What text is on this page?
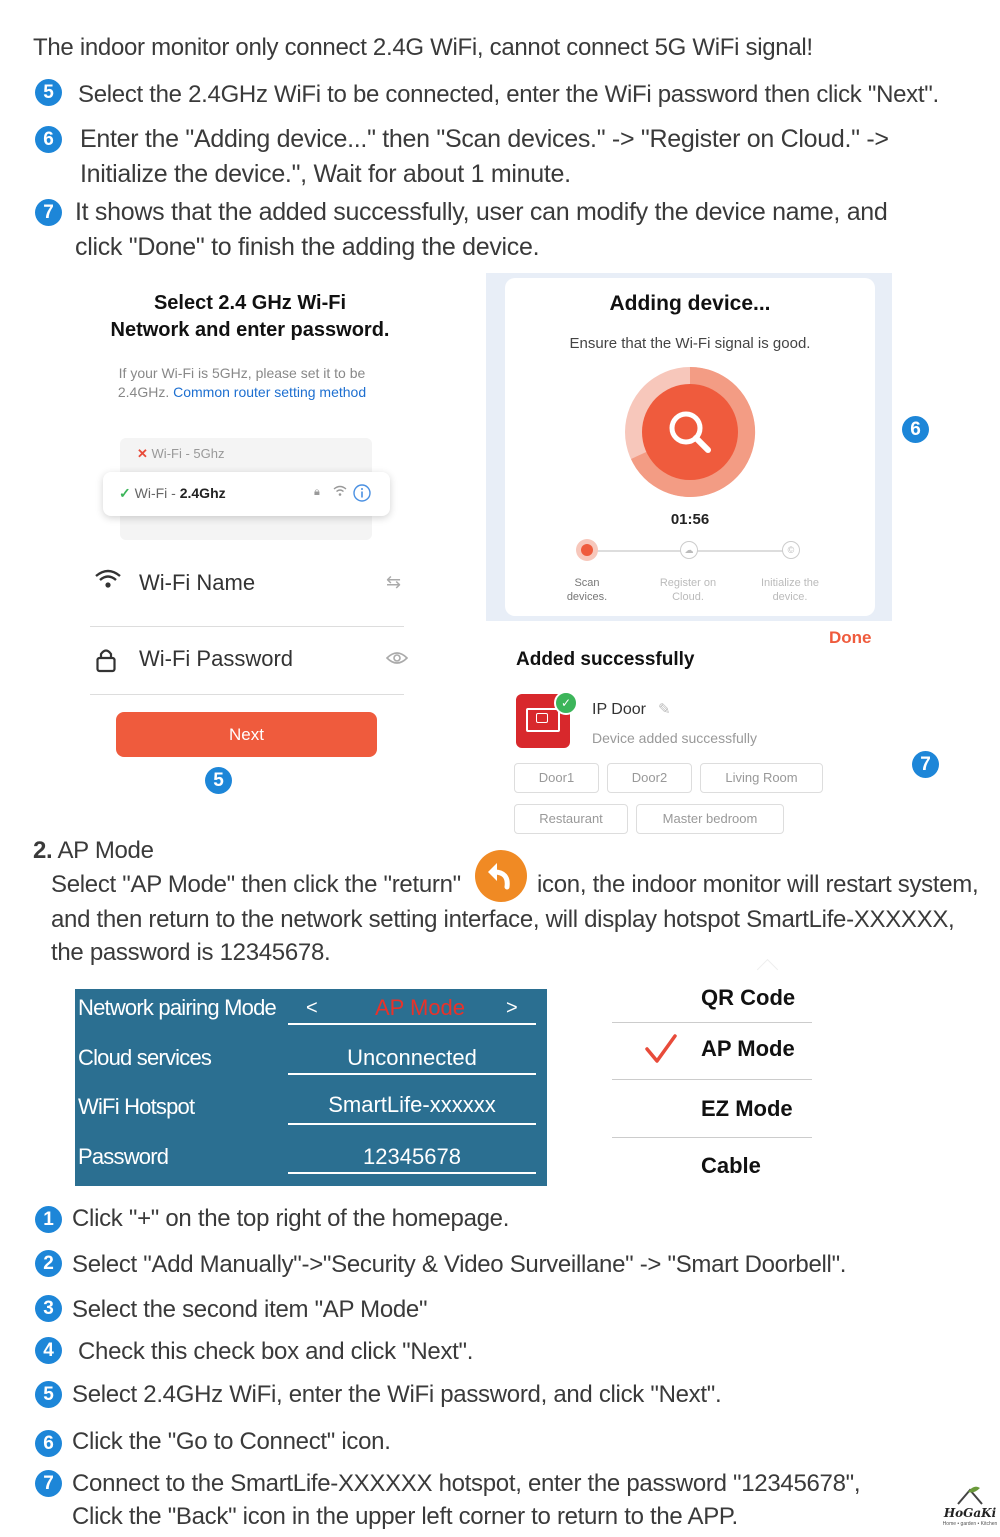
The indoor monitor only connect 2.4G WiFi, cannot connect 5G WiFi signal!
5	Select the 2.4GHz WiFi to be connected, enter the WiFi password then click "Next".
6	Enter the "Adding device..." then "Scan devices." -> "Register on Cloud." ->
Initialize the device.", Wait for about 1 minute.
7 It shows that the added successfully, user can modify the device name, and
click "Done" to finish the adding the device.
Select 2.4 GHz Wi-Fi
Network and enter password.
If your Wi-Fi is 5GHz, please set it to be
2.4GHz. Common router setting method
✕ Wi-Fi - 5Ghz
✓ Wi-Fi - 2.4Ghz	🔒︎
Wi-Fi Name	⇆
Wi-Fi Password
Next
5
Adding device...
Ensure that the Wi-Fi signal is good.
01:56
☁	©
Scan
devices.
Register on
Cloud.
Initialize the
device.
6
Done
Added successfully
✓	IP Door ✎
Device added successfully
Door1	Door2	Living Room
Restaurant	Master bedroom
7
2. AP Mode
Select "AP Mode" then click the "return"	icon, the indoor monitor will restart system,
and then return to the network setting interface, will display hotspot SmartLife-XXXXXX,
the password is 12345678.
Network pairing Mode <	AP Mode	>
Cloud services	Unconnected
WiFi Hotspot	SmartLife-xxxxxx
Password	12345678
QR Code
AP Mode
EZ Mode
Cable
1 Click "+" on the top right of the homepage.
2 Select "Add Manually"->"Security & Video Surveillane" -> "Smart Doorbell".
3 Select the second item "AP Mode"
4	Check this check box and click "Next".
5 Select 2.4GHz WiFi, enter the WiFi password, and click "Next".
6 Click the "Go to Connect" icon.
7 Connect to the SmartLife-XXXXXX hotspot, enter the password "12345678",
Click the "Back" icon in the upper left corner to return to the APP.	HoGaKi
Home • garden • Kitchen
